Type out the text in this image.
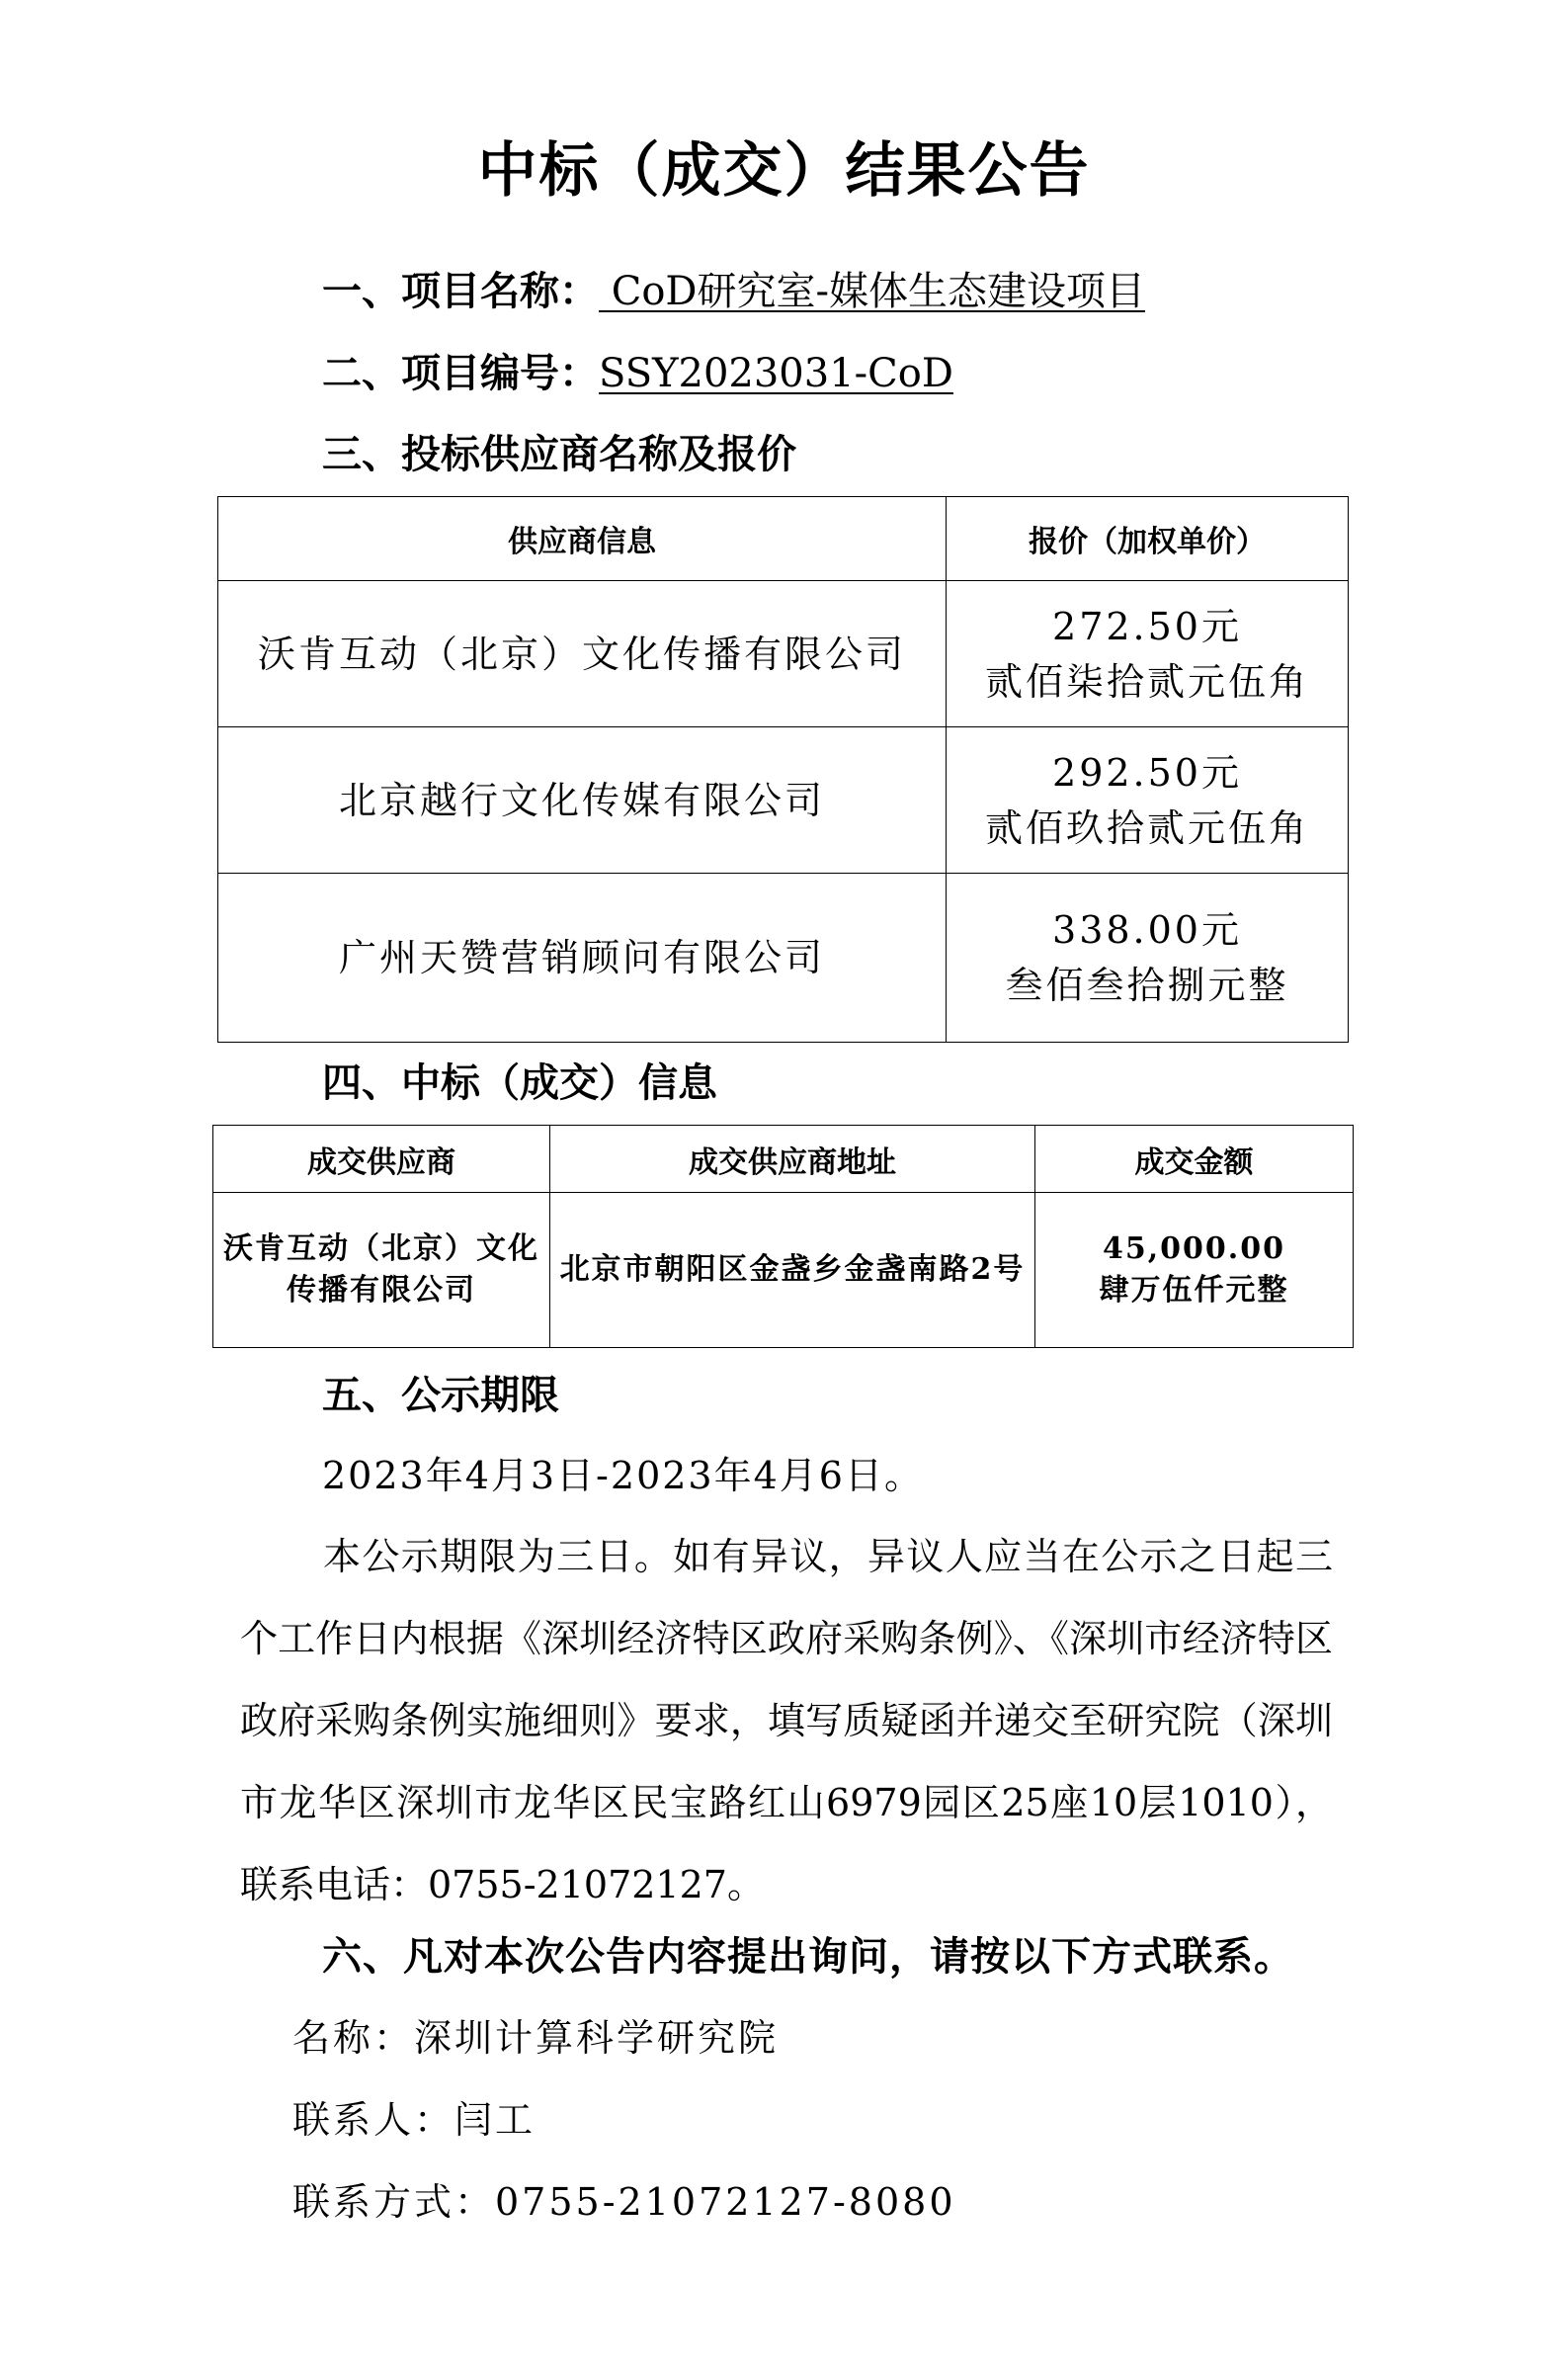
中标（成交）结果公告
一、项目名称： CoD研究室-媒体生态建设项目
二、项目编号：SSY2023031-CoD
三、投标供应商名称及报价
供应商信息	报价（加权单价）
沃肯互动（北京）文化传播有限公司	272.50元
贰佰柒拾贰元伍角

北京越行文化传媒有限公司	292.50元
贰佰玖拾贰元伍角

广州天赞营销顾问有限公司	338.00元
叁佰叁拾捌元整
四、中标（成交）信息
成交供应商	成交供应商地址	成交金额
沃肯互动（北京）文化传播有限公司	北京市朝阳区金盏乡金盏南路2号	45,000.00
肆万伍仟元整
五、公示期限
2023年4月3日-2023年4月6日。

本公示期限为三日。如有异议，异议人应当在公示之日起三个工作日内根据《深圳经济特区政府采购条例》、《深圳市经济特区政府采购条例实施细则》要求，填写质疑函并递交至研究院（深圳市龙华区深圳市龙华区民宝路红山6979园区25座10层1010），联系电话：0755-21072127。

六、凡对本次公告内容提出询问，请按以下方式联系。
名称：深圳计算科学研究院
联系人：闫工
联系方式：0755-21072127-8080
